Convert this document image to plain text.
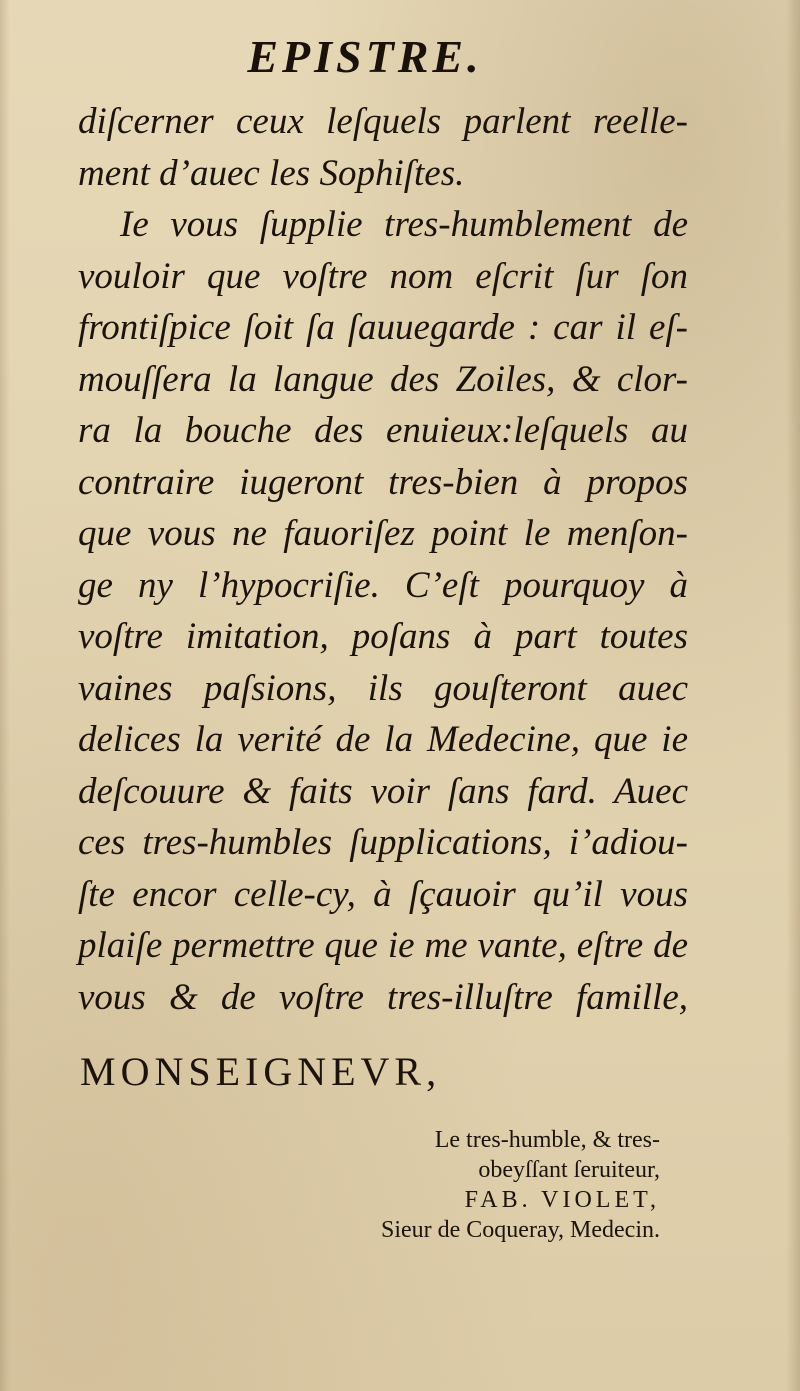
EPISTRE.
diſcerner ceux leſquels parlent reelle-
ment d’auec les Sophiſtes.
Ie vous ſupplie tres-humblement de
vouloir que voſtre nom eſcrit ſur ſon
frontiſpice ſoit ſa ſauuegarde : car il eſ-
mouſſera la langue des Zoiles, & clor-
ra la bouche des enuieux:leſquels au
contraire iugeront tres-bien à propos
que vous ne fauoriſez point le menſon-
ge ny l’hypocriſie. C’eſt pourquoy à
voſtre imitation, poſans à part toutes
vaines paſsions, ils gouſteront auec
delices la verité de la Medecine, que ie
deſcouure & faits voir ſans fard. Auec
ces tres-humbles ſupplications, i’adiou-
ſte encor celle-cy, à ſçauoir qu’il vous
plaiſe permettre que ie me vante, eſtre de
vous & de voſtre tres-illuſtre famille,
MONSEIGNEVR,
Le tres-humble, & tres-
obeyſſant ſeruiteur,
FAB. VIOLET,
Sieur de Coqueray, Medecin.
